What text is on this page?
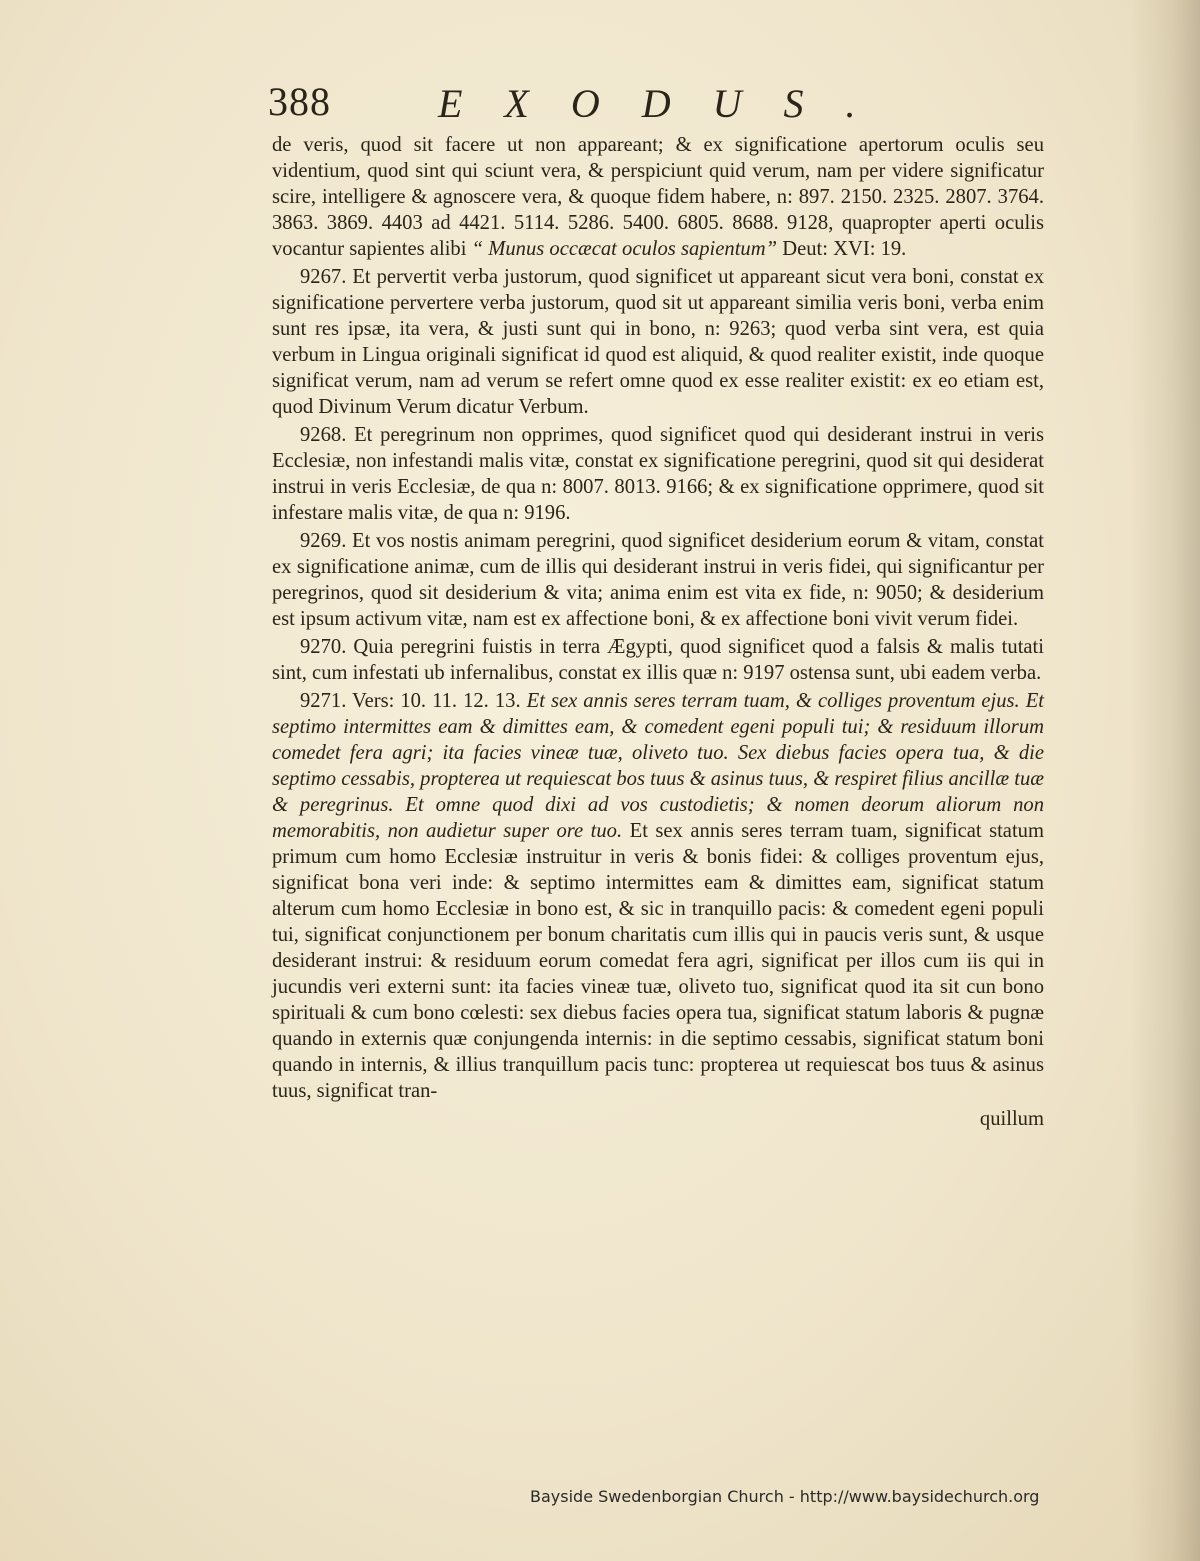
388	EXODUS.

de veris, quod sit facere ut non appareant; & ex significatione apertorum oculis seu videntium, quod sint qui sciunt vera, & perspiciunt quid verum, nam per videre significatur scire, intelligere & agnoscere vera, & quoque fidem habere, n: 897. 2150. 2325. 2807. 3764. 3863. 3869. 4403 ad 4421. 5114. 5286. 5400. 6805. 8688. 9128, quapropter aperti oculis vocantur sapientes alibi “ Munus occæcat oculos sapientum” Deut: XVI: 19.

9267. Et pervertit verba justorum, quod significet ut appareant sicut vera boni, constat ex significatione pervertere verba justorum, quod sit ut appareant similia veris boni, verba enim sunt res ipsæ, ita vera, & justi sunt qui in bono, n: 9263; quod verba sint vera, est quia verbum in Lingua originali significat id quod est aliquid, & quod realiter existit, inde quoque significat verum, nam ad verum se refert omne quod ex esse realiter existit: ex eo etiam est, quod Divinum Verum dicatur Verbum.

9268. Et peregrinum non opprimes, quod significet quod qui desiderant instrui in veris Ecclesiæ, non infestandi malis vitæ, constat ex significatione peregrini, quod sit qui desiderat instrui in veris Ecclesiæ, de qua n: 8007. 8013. 9166; & ex significatione opprimere, quod sit infestare malis vitæ, de qua n: 9196.

9269. Et vos nostis animam peregrini, quod significet desiderium eorum & vitam, constat ex significatione animæ, cum de illis qui desiderant instrui in veris fidei, qui significantur per peregrinos, quod sit desiderium & vita; anima enim est vita ex fide, n: 9050; & desiderium est ipsum activum vitæ, nam est ex affectione boni, & ex affectione boni vivit verum fidei.

9270. Quia peregrini fuistis in terra Ægypti, quod significet quod a falsis & malis tutati sint, cum infestati ub infernalibus, constat ex illis quæ n: 9197 ostensa sunt, ubi eadem verba.

9271. Vers: 10. 11. 12. 13. Et sex annis seres terram tuam, & colliges proventum ejus. Et septimo intermittes eam & dimittes eam, & comedent egeni populi tui; & residuum illorum comedet fera agri; ita facies vineæ tuæ, oliveto tuo. Sex diebus facies opera tua, & die septimo cessabis, propterea ut requiescat bos tuus & asinus tuus, & respiret filius ancillæ tuæ & peregrinus. Et omne quod dixi ad vos custodietis; & nomen deorum aliorum non memorabitis, non audietur super ore tuo. Et sex annis seres terram tuam, significat statum primum cum homo Ecclesiæ instruitur in veris & bonis fidei: & colliges proventum ejus, significat bona veri inde: & septimo intermittes eam & dimittes eam, significat statum alterum cum homo Ecclesiæ in bono est, & sic in tranquillo pacis: & comedent egeni populi tui, significat conjunctionem per bonum charitatis cum illis qui in paucis veris sunt, & usque desiderant instrui: & residuum eorum comedat fera agri, significat per illos cum iis qui in jucundis veri externi sunt: ita facies vineæ tuæ, oliveto tuo, significat quod ita sit cun bono spirituali & cum bono cœlesti: sex diebus facies opera tua, significat statum laboris & pugnæ quando in externis quæ conjungenda internis: in die septimo cessabis, significat statum boni quando in internis, & illius tranquillum pacis tunc: propterea ut requiescat bos tuus & asinus tuus, significat tran-

quillum

Bayside Swedenborgian Church - http://www.baysidechurch.org
